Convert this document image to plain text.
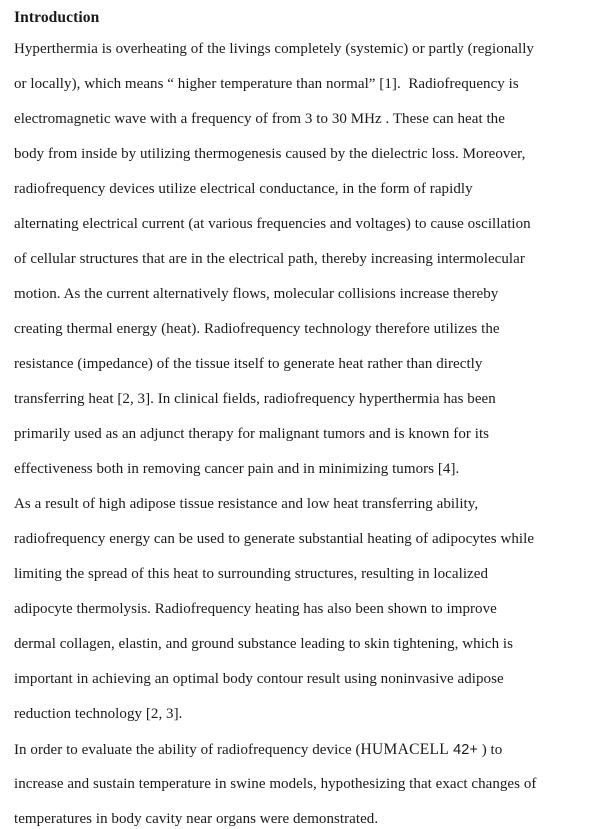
Introduction
Hyperthermia is overheating of the livings completely (systemic) or partly (regionally
or locally), which means “ higher temperature than normal” [1].  Radiofrequency is
electromagnetic wave with a frequency of from 3 to 30 MHz . These can heat the
body from inside by utilizing thermogenesis caused by the dielectric loss. Moreover,
radiofrequency devices utilize electrical conductance, in the form of rapidly
alternating electrical current (at various frequencies and voltages) to cause oscillation
of cellular structures that are in the electrical path, thereby increasing intermolecular
motion. As the current alternatively flows, molecular collisions increase thereby
creating thermal energy (heat). Radiofrequency technology therefore utilizes the
resistance (impedance) of the tissue itself to generate heat rather than directly
transferring heat [2, 3]. In clinical fields, radiofrequency hyperthermia has been
primarily used as an adjunct therapy for malignant tumors and is known for its
effectiveness both in removing cancer pain and in minimizing tumors [4].
As a result of high adipose tissue resistance and low heat transferring ability,
radiofrequency energy can be used to generate substantial heating of adipocytes while
limiting the spread of this heat to surrounding structures, resulting in localized
adipocyte thermolysis. Radiofrequency heating has also been shown to improve
dermal collagen, elastin, and ground substance leading to skin tightening, which is
important in achieving an optimal body contour result using noninvasive adipose
reduction technology [2, 3].
In order to evaluate the ability of radiofrequency device (HUMACELL 42+ ) to
increase and sustain temperature in swine models, hypothesizing that exact changes of
temperatures in body cavity near organs were demonstrated.
